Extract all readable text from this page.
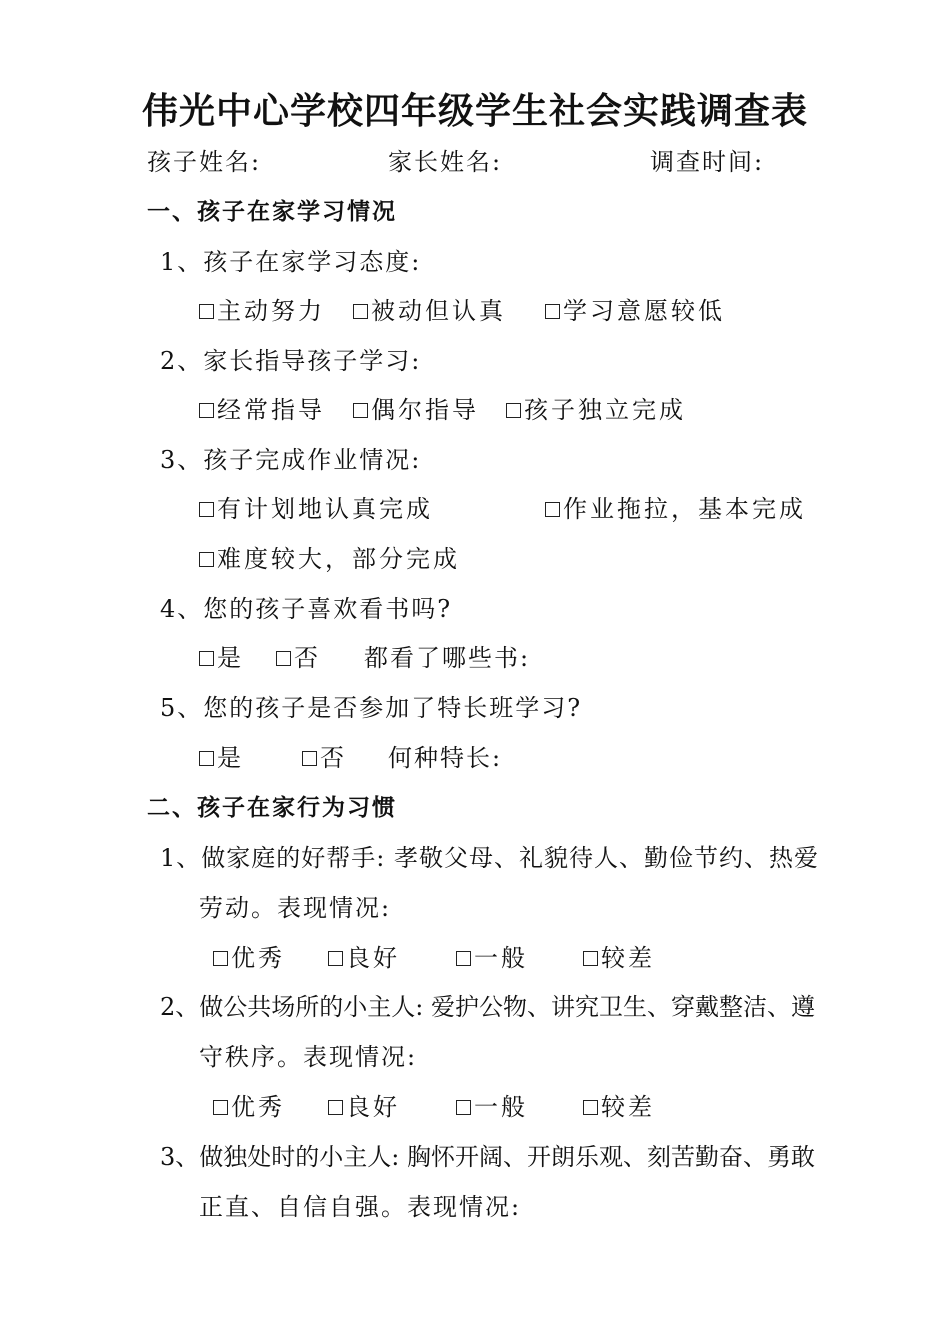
伟光中心学校四年级学生社会实践调查表
孩子姓名:	家长姓名:	调查时间:
一、孩子在家学习情况
1、孩子在家学习态度:
主动努力 被动但认真 学习意愿较低
2、家长指导孩子学习:
经常指导 偶尔指导 孩子独立完成
3、孩子完成作业情况:
有计划地认真完成	作业拖拉，基本完成
难度较大，部分完成
4、您的孩子喜欢看书吗?
是 否 都看了哪些书:
5、您的孩子是否参加了特长班学习?
是	否 何种特长:
二、孩子在家行为习惯
1、做家庭的好帮手: 孝敬父母、礼貌待人、勤俭节约、热爱
劳动。表现情况:
优秀	良好	一般	较差
2、做公共场所的小主人: 爱护公物、讲究卫生、穿戴整洁、遵
守秩序。表现情况:
优秀	良好	一般	较差
3、做独处时的小主人: 胸怀开阔、开朗乐观、刻苦勤奋、勇敢
正直、自信自强。表现情况:
